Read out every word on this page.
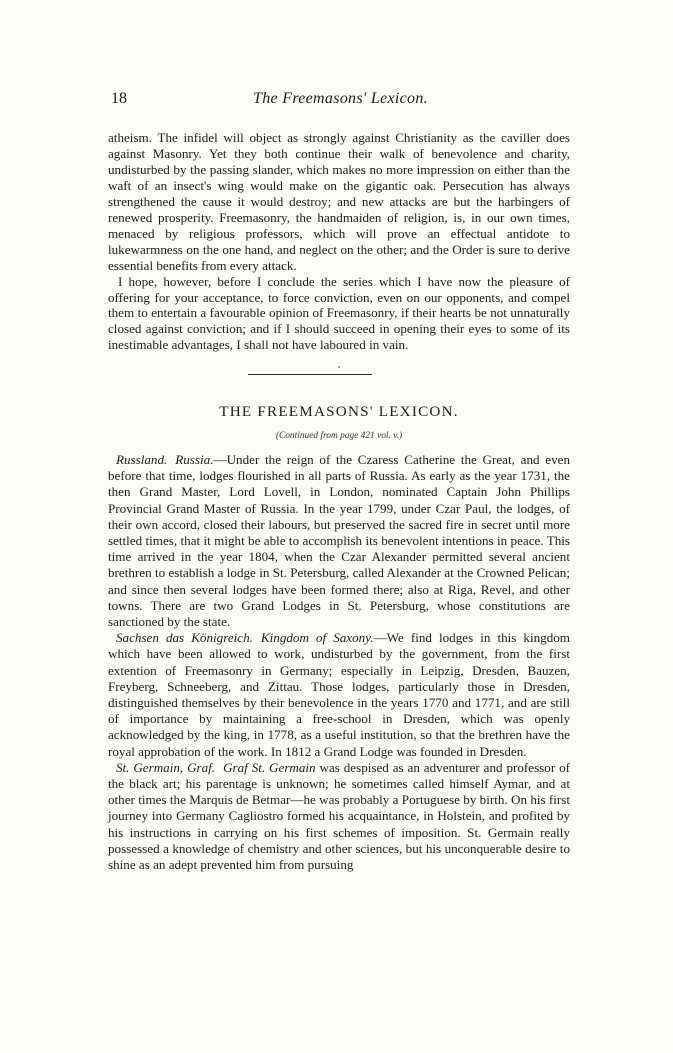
18	The Freemasons' Lexicon.

atheism. The infidel will object as strongly against Christianity as the caviller does against Masonry. Yet they both continue their walk of benevolence and charity, undisturbed by the passing slander, which makes no more impression on either than the waft of an insect's wing would make on the gigantic oak. Persecution has always strengthened the cause it would destroy; and new attacks are but the harbingers of renewed prosperity. Freemasonry, the handmaiden of religion, is, in our own times, menaced by religious professors, which will prove an effectual antidote to lukewarmness on the one hand, and neglect on the other; and the Order is sure to derive essential benefits from every attack.

I hope, however, before I conclude the series which I have now the pleasure of offering for your acceptance, to force conviction, even on our opponents, and compel them to entertain a favourable opinion of Freemasonry, if their hearts be not unnaturally closed against conviction; and if I should succeed in opening their eyes to some of its inestimable advantages, I shall not have laboured in vain.

THE FREEMASONS' LEXICON.
(Continued from page 421 vol. v.)

Russland. Russia.—Under the reign of the Czaress Catherine the Great, and even before that time, lodges flourished in all parts of Russia. As early as the year 1731, the then Grand Master, Lord Lovell, in London, nominated Captain John Phillips Provincial Grand Master of Russia. In the year 1799, under Czar Paul, the lodges, of their own accord, closed their labours, but preserved the sacred fire in secret until more settled times, that it might be able to accomplish its benevolent intentions in peace. This time arrived in the year 1804, when the Czar Alexander permitted several ancient brethren to establish a lodge in St. Petersburg, called Alexander at the Crowned Pelican; and since then several lodges have been formed there; also at Riga, Revel, and other towns. There are two Grand Lodges in St. Petersburg, whose constitutions are sanctioned by the state.

Sachsen das Königreich. Kingdom of Saxony.—We find lodges in this kingdom which have been allowed to work, undisturbed by the government, from the first extention of Freemasonry in Germany; especially in Leipzig, Dresden, Bauzen, Freyberg, Schneeberg, and Zittau. Those lodges, particularly those in Dresden, distinguished themselves by their benevolence in the years 1770 and 1771, and are still of importance by maintaining a free-school in Dresden, which was openly acknowledged by the king, in 1778, as a useful institution, so that the brethren have the royal approbation of the work. In 1812 a Grand Lodge was founded in Dresden.

St. Germain, Graf. Graf St. Germain was despised as an adventurer and professor of the black art; his parentage is unknown; he sometimes called himself Aymar, and at other times the Marquis de Betmar—he was probably a Portuguese by birth. On his first journey into Germany Cagliostro formed his acquaintance, in Holstein, and profited by his instructions in carrying on his first schemes of imposition. St. Germain really possessed a knowledge of chemistry and other sciences, but his unconquerable desire to shine as an adept prevented him from pursuing
